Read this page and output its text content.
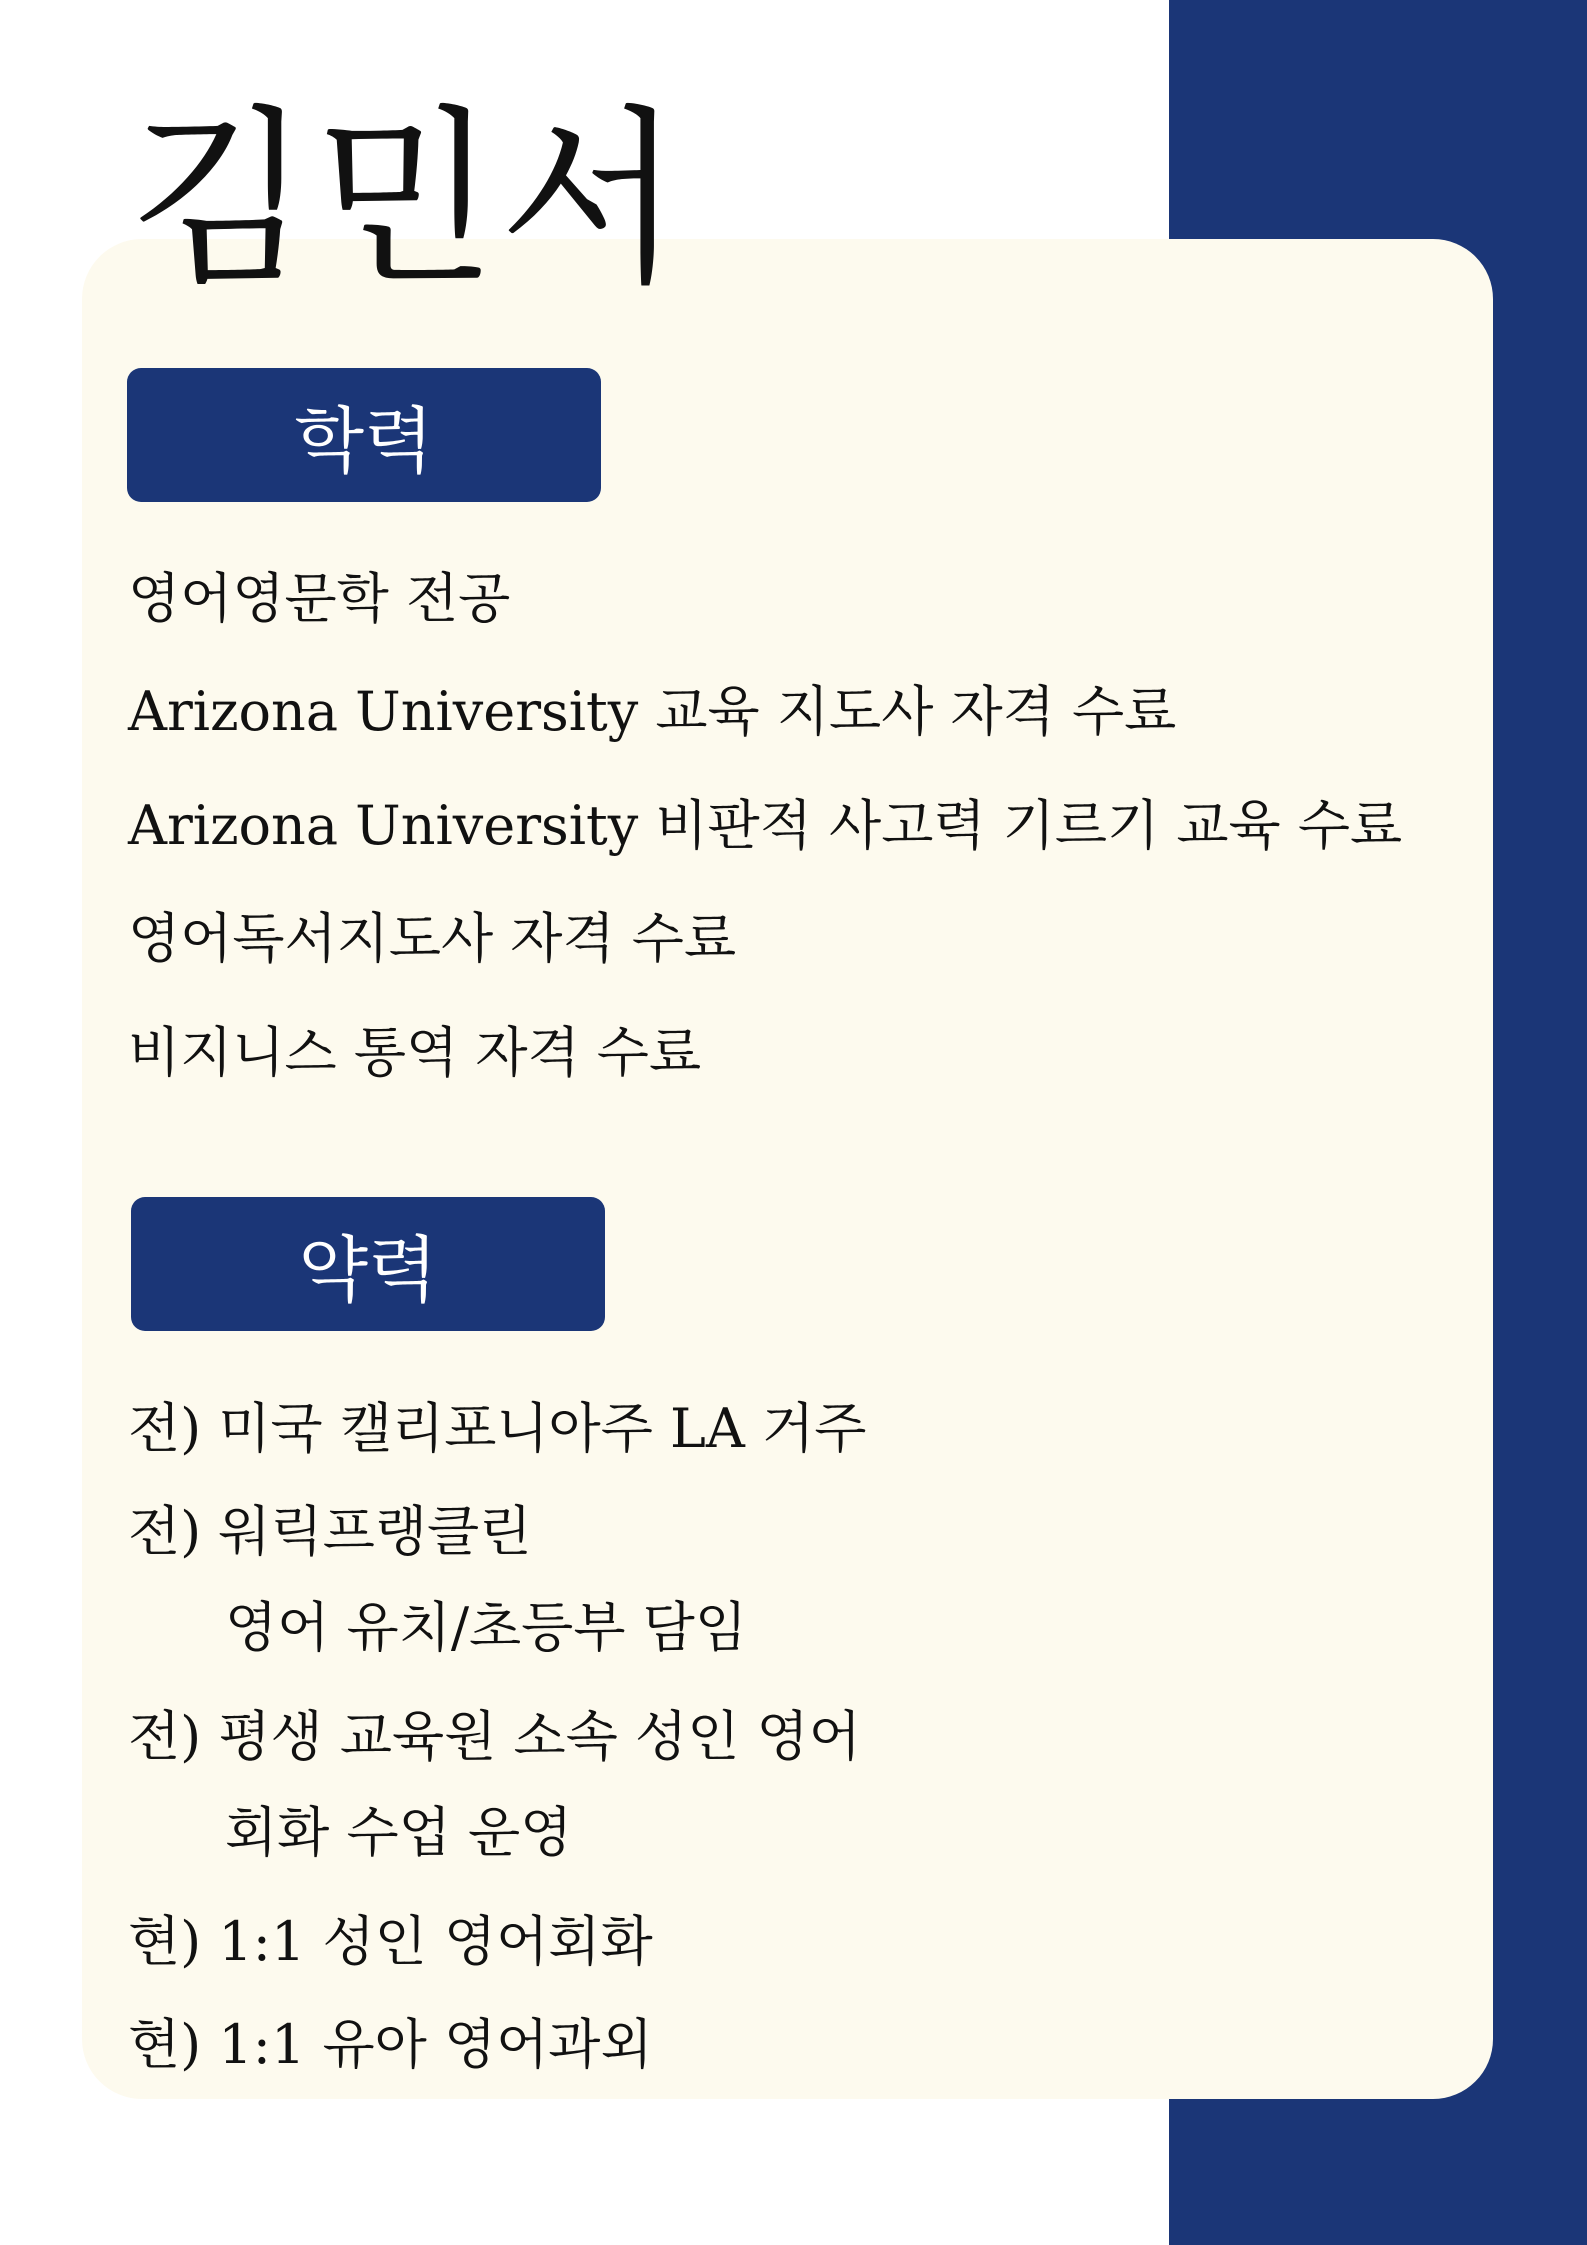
김민서
학력
영어영문학 전공
Arizona University 교육 지도사 자격 수료
Arizona University 비판적 사고력 기르기 교육 수료
영어독서지도사 자격 수료
비지니스 통역 자격 수료
약력
전) 미국 캘리포니아주 LA 거주
전) 워릭프랭클린
영어 유치/초등부 담임
전) 평생 교육원 소속 성인 영어
회화 수업 운영
현) 1:1 성인 영어회화
현) 1:1 유아 영어과외
